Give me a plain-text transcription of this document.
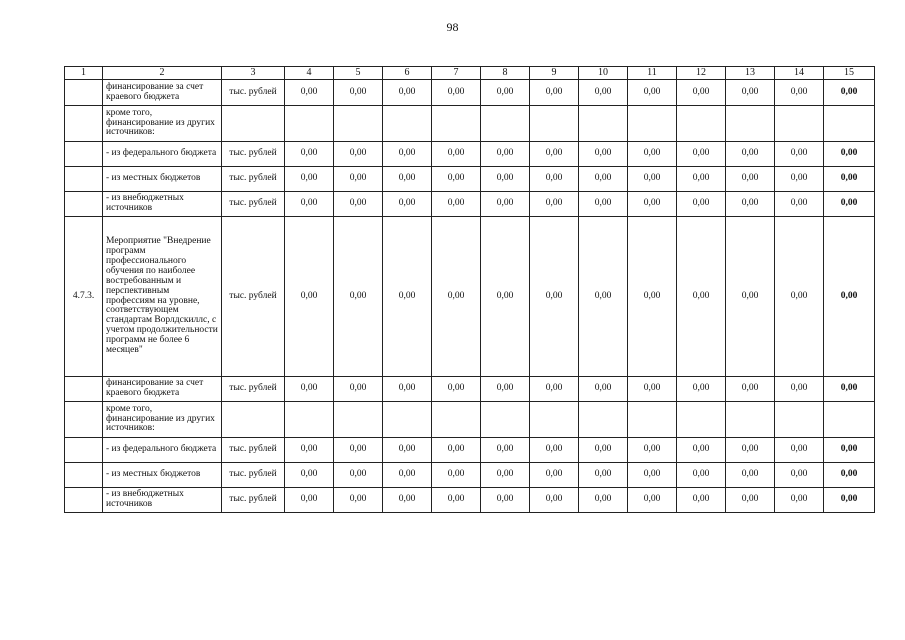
98
1	2	3	4	5	6	7	8	9	10	11	12	13	14	15
	финансирование за счет краевого бюджета	тыс. рублей	0,00	0,00	0,00	0,00	0,00	0,00	0,00	0,00	0,00	0,00	0,00	0,00
	кроме того, финансирование из других источников:													
	- из федерального бюджета	тыс. рублей	0,00	0,00	0,00	0,00	0,00	0,00	0,00	0,00	0,00	0,00	0,00	0,00
	- из местных бюджетов	тыс. рублей	0,00	0,00	0,00	0,00	0,00	0,00	0,00	0,00	0,00	0,00	0,00	0,00
	- из внебюджетных источников	тыс. рублей	0,00	0,00	0,00	0,00	0,00	0,00	0,00	0,00	0,00	0,00	0,00	0,00
4.7.3.	Мероприятие "Внедрение программ профессионального обучения по наиболее востребованным и перспективным профессиям на уровне, соответствующем стандартам Ворлдскиллс, с учетом продолжительности программ не более 6 месяцев"	тыс. рублей	0,00	0,00	0,00	0,00	0,00	0,00	0,00	0,00	0,00	0,00	0,00	0,00
	финансирование за счет краевого бюджета	тыс. рублей	0,00	0,00	0,00	0,00	0,00	0,00	0,00	0,00	0,00	0,00	0,00	0,00
	кроме того, финансирование из других источников:													
	- из федерального бюджета	тыс. рублей	0,00	0,00	0,00	0,00	0,00	0,00	0,00	0,00	0,00	0,00	0,00	0,00
	- из местных бюджетов	тыс. рублей	0,00	0,00	0,00	0,00	0,00	0,00	0,00	0,00	0,00	0,00	0,00	0,00
	- из внебюджетных источников	тыс. рублей	0,00	0,00	0,00	0,00	0,00	0,00	0,00	0,00	0,00	0,00	0,00	0,00
